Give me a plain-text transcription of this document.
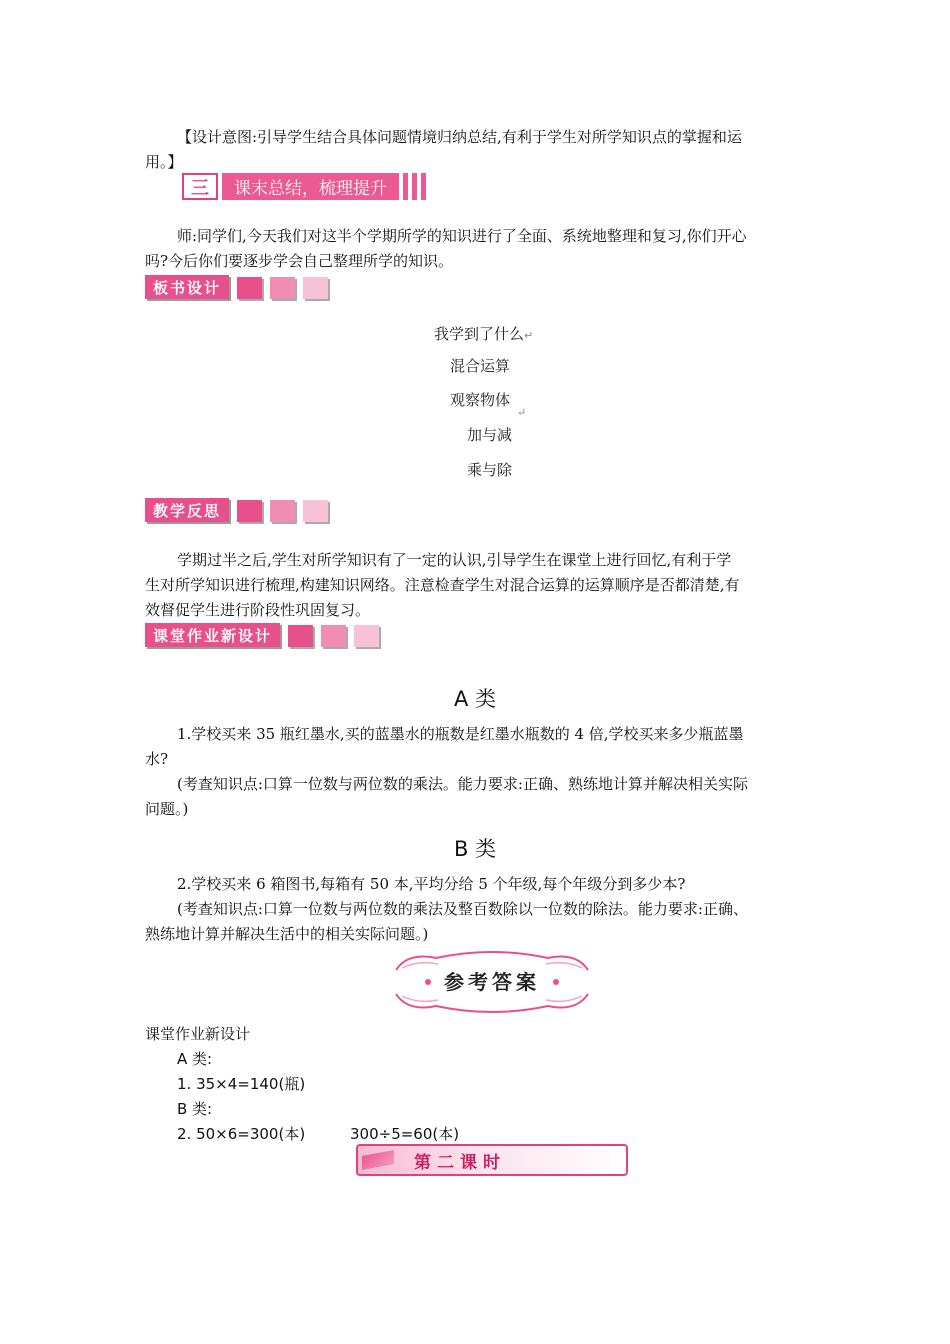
【设计意图:引导学生结合具体问题情境归纳总结,有利于学生对所学知识点的掌握和运

用。】

三	课末总结，梳理提升

师:同学们,今天我们对这半个学期所学的知识进行了全面、系统地整理和复习,你们开心

吗?今后你们要逐步学会自己整理所学的知识。

板书设计
我学到了什么↵
混合运算
观察物体
↵
加与减
乘与除
教学反思

学期过半之后,学生对所学知识有了一定的认识,引导学生在课堂上进行回忆,有利于学

生对所学知识进行梳理,构建知识网络。注意检查学生对混合运算的运算顺序是否都清楚,有

效督促学生进行阶段性巩固复习。

课堂作业新设计
A 类

1.学校买来 35 瓶红墨水,买的蓝墨水的瓶数是红墨水瓶数的 4 倍,学校买来多少瓶蓝墨

水?

(考查知识点:口算一位数与两位数的乘法。能力要求:正确、熟练地计算并解决相关实际

问题。)

B 类

2.学校买来 6 箱图书,每箱有 50 本,平均分给 5 个年级,每个年级分到多少本?

(考查知识点:口算一位数与两位数的乘法及整百数除以一位数的除法。能力要求:正确、

熟练地计算并解决生活中的相关实际问题。)

参考答案
课堂作业新设计
A 类:
1. 35×4=140(瓶)
B 类:
2. 50×6=300(本)	300÷5=60(本)
第二课时
